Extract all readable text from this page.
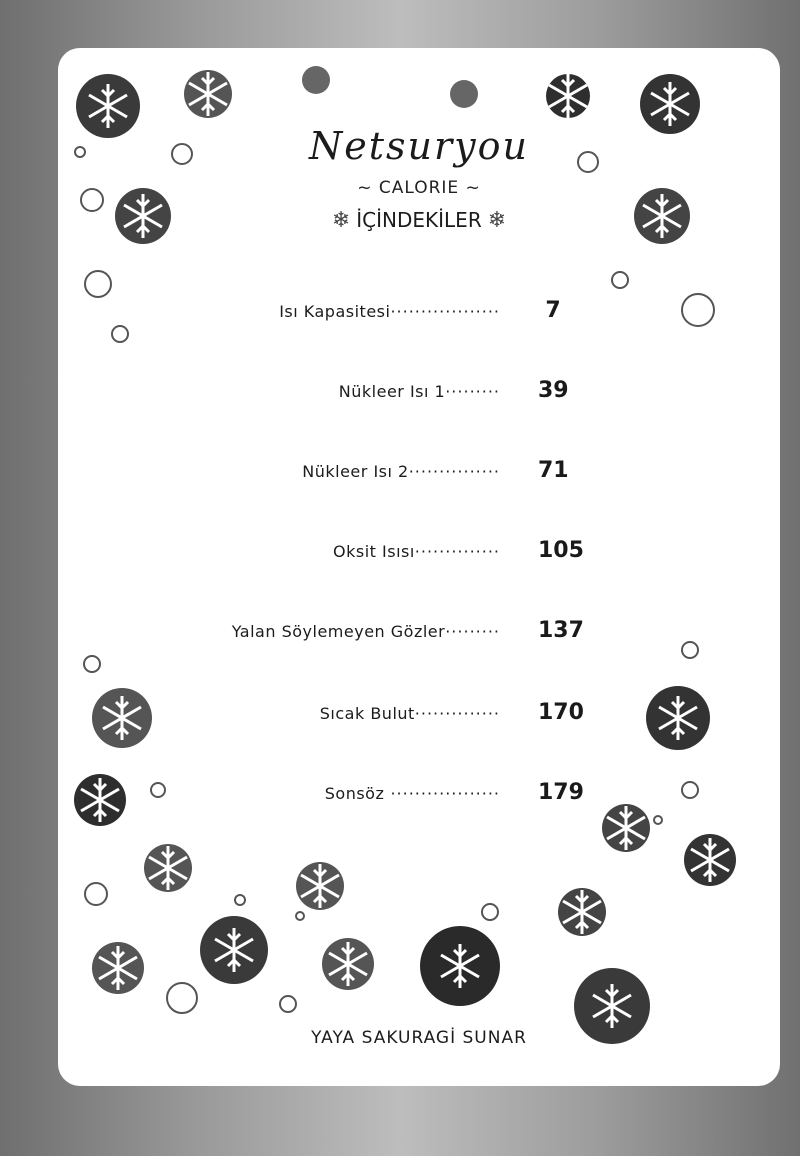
Netsuryou
~ CALORIE ~
❄ İÇİNDEKİLER ❄
Isı Kapasitesi··················	7
Nükleer Isı 1········· 39
Nükleer Isı 2··············· 71
Oksit Isısı·············· 105
Yalan Söylemeyen Gözler········· 137
Sıcak Bulut·············· 170
Sonsöz ·················· 179
YAYA SAKURAGİ SUNAR
